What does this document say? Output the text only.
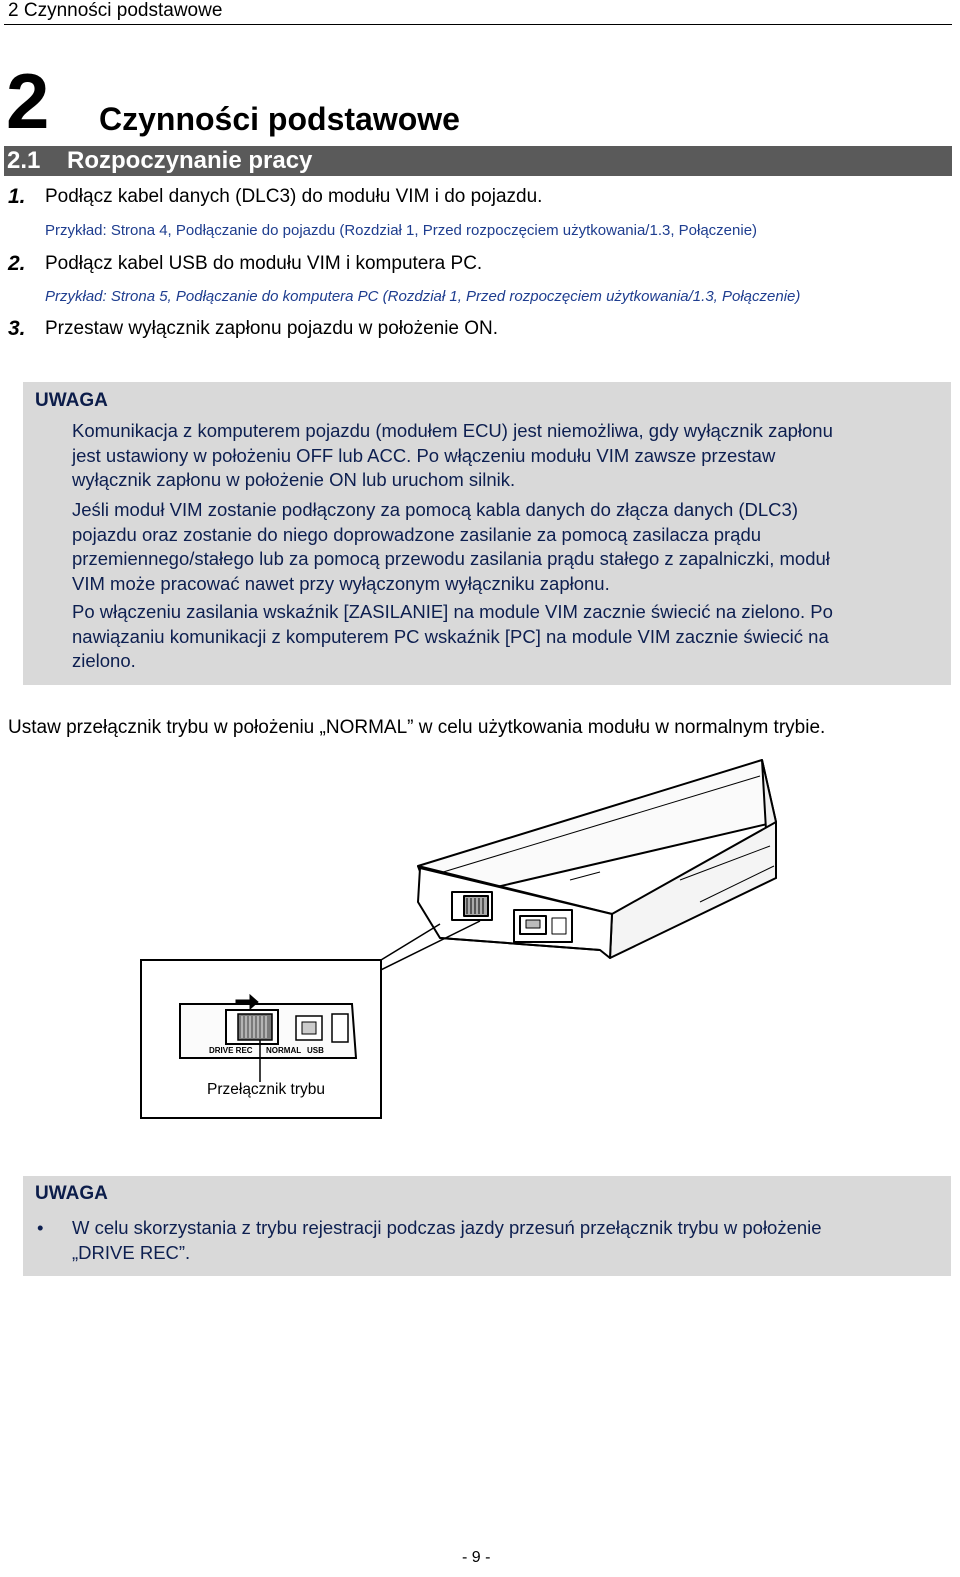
2 Czynności podstawowe
2 Czynności podstawowe
2.1 Rozpoczynanie pracy
1. Podłącz kabel danych (DLC3) do modułu VIM i do pojazdu.
Przykład: Strona 4, Podłączanie do pojazdu (Rozdział 1, Przed rozpoczęciem użytkowania/1.3, Połączenie)
2. Podłącz kabel USB do modułu VIM i komputera PC.
Przykład: Strona 5, Podłączanie do komputera PC (Rozdział 1, Przed rozpoczęciem użytkowania/1.3, Połączenie)
3. Przestaw wyłącznik zapłonu pojazdu w położenie ON.
UWAGA
Komunikacja z komputerem pojazdu (modułem ECU) jest niemożliwa, gdy wyłącznik zapłonu
jest ustawiony w położeniu OFF lub ACC. Po włączeniu modułu VIM zawsze przestaw
wyłącznik zapłonu w położenie ON lub uruchom silnik.
Jeśli moduł VIM zostanie podłączony za pomocą kabla danych do złącza danych (DLC3)
pojazdu oraz zostanie do niego doprowadzone zasilanie za pomocą zasilacza prądu
przemiennego/stałego lub za pomocą przewodu zasilania prądu stałego z zapalniczki, moduł
VIM może pracować nawet przy wyłączonym wyłączniku zapłonu.
Po włączeniu zasilania wskaźnik [ZASILANIE] na module VIM zacznie świecić na zielono. Po
nawiązaniu komunikacji z komputerem PC wskaźnik [PC] na module VIM zacznie świecić na
zielono.
Ustaw przełącznik trybu w położeniu „NORMAL” w celu użytkowania modułu w normalnym trybie.
DRIVE REC NORMAL USB
Przełącznik trybu
UWAGA
• W celu skorzystania z trybu rejestracji podczas jazdy przesuń przełącznik trybu w położenie
„DRIVE REC”.
- 9 -
